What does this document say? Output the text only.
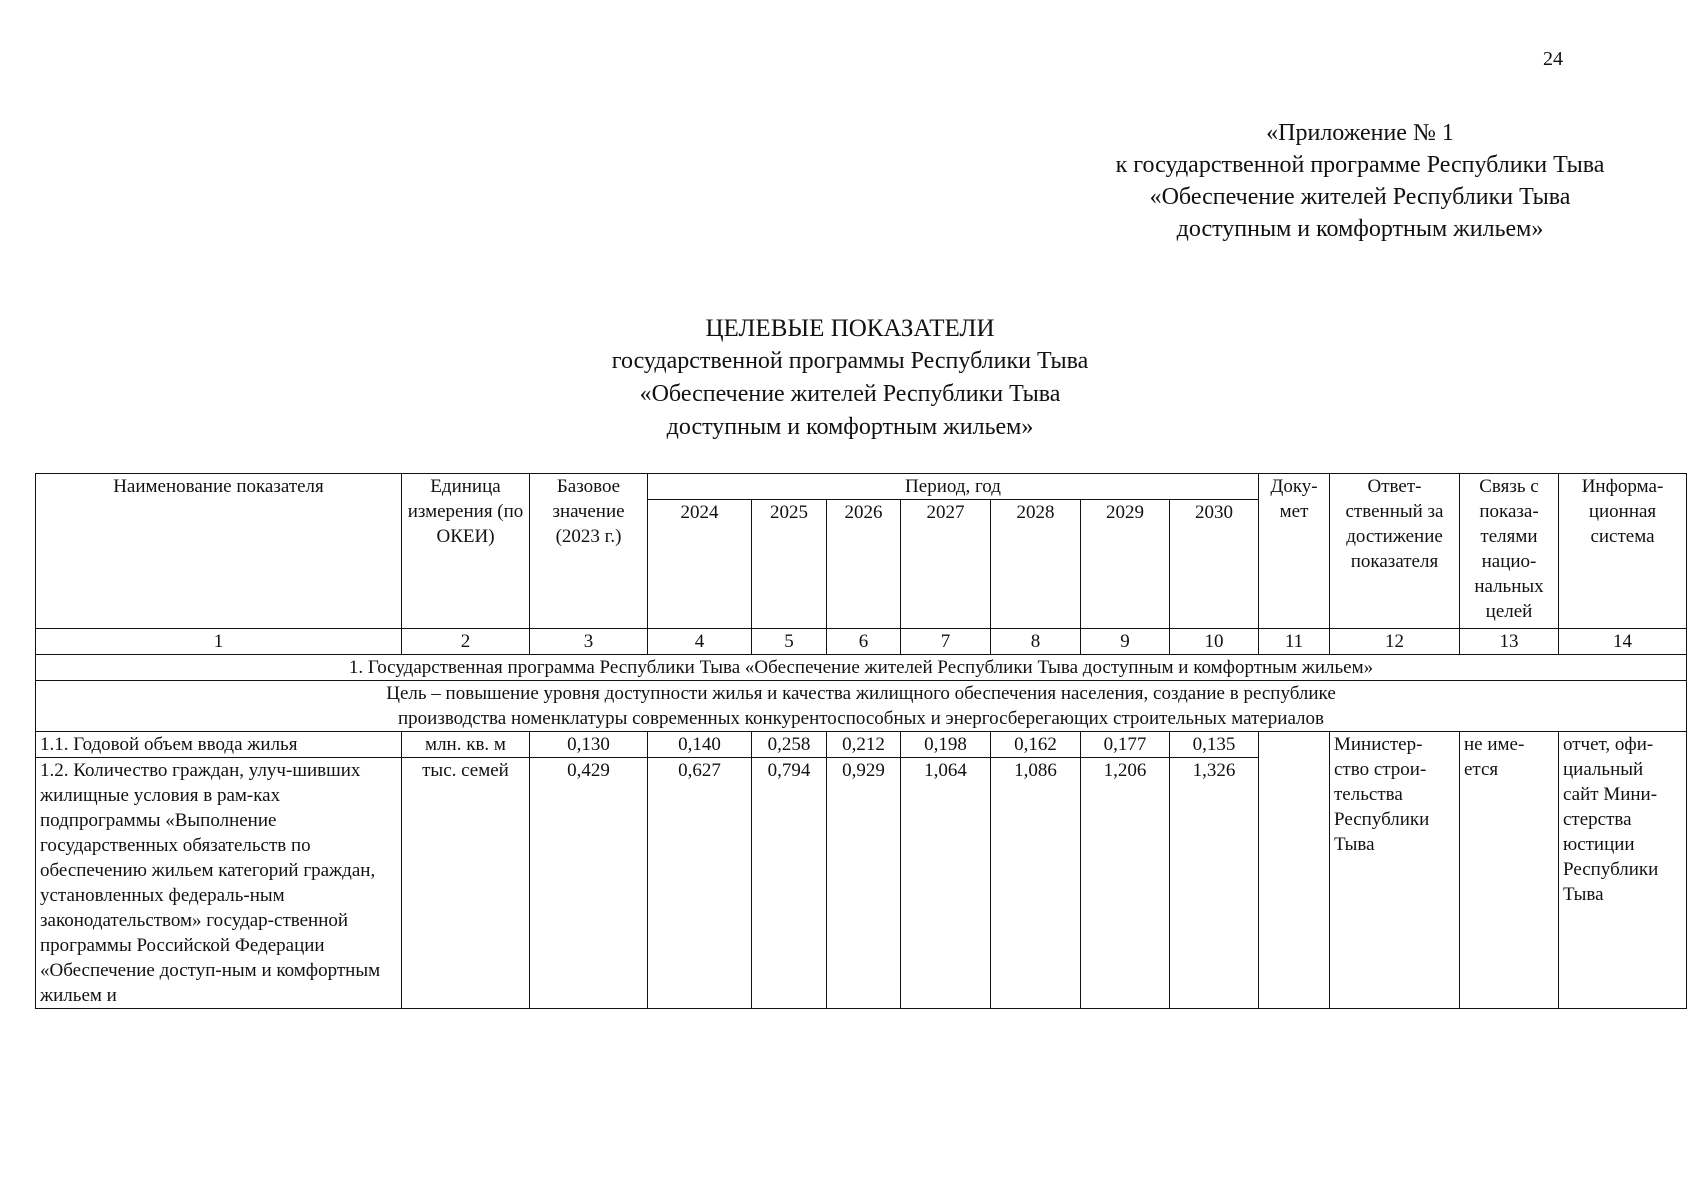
24
«Приложение № 1
к государственной программе Республики Тыва
«Обеспечение жителей Республики Тыва
доступным и комфортным жильем»
ЦЕЛЕВЫЕ ПОКАЗАТЕЛИ
государственной программы Республики Тыва
«Обеспечение жителей Республики Тыва
доступным и комфортным жильем»
Наименование показателя	Единица измерения (по ОКЕИ)	Базовое значение (2023 г.)	Период, год							Доку-мет	Ответ-ственный за достижение показателя	Связь с показа-телями нацио-нальных целей	Информа-ционная система
			2024	2025	2026	2027	2028	2029	2030				
1	2	3	4	5	6	7	8	9	10	11	12	13	14
1. Государственная программа Республики Тыва «Обеспечение жителей Республики Тыва доступным и комфортным жильем»													

Цель – повышение уровня доступности жилья и качества жилищного обеспечения населения, создание в республике
производства номенклатуры современных конкурентоспособных и энергосберегающих строительных материалов													

1.1. Годовой объем ввода жилья	млн. кв. м	0,130	0,140	0,258	0,212	0,198	0,162	0,177	0,135		Министер-ство строи-тельства Республики Тыва	не име-ется	отчет, офи-циальный сайт Мини-стерства юстиции Республики Тыва
1.2. Количество граждан, улуч-шивших жилищные условия в рам-ках подпрограммы «Выполнение государственных обязательств по обеспечению жильем категорий граждан, установленных федераль-ным законодательством» государ-ственной программы Российской Федерации «Обеспечение доступ-ным и комфортным жильем и	тыс. семей	0,429	0,627	0,794	0,929	1,064	1,086	1,206	1,326				
